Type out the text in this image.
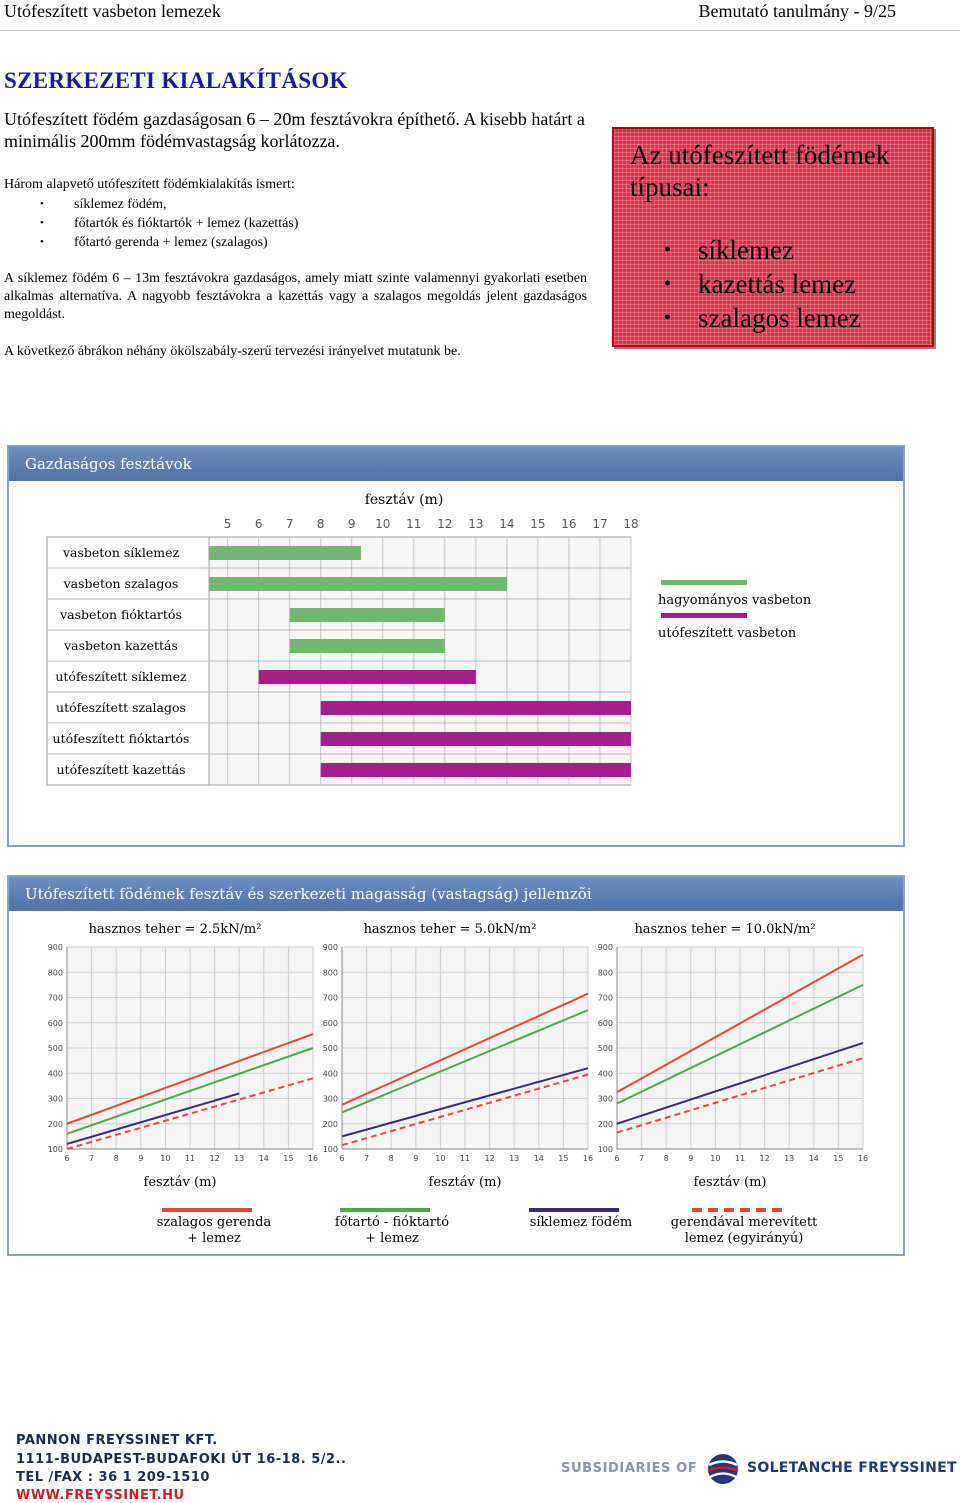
Utófeszített vasbeton lemezek	Bemutató tanulmány - 9/25
SZERKEZETI KIALAKÍTÁSOK
Utófeszített födém gazdaságosan 6 – 20m fesztávokra építhető. A kisebb határt a minimális 200mm födémvastagság korlátozza.
Három alapvető utófeszített födémkialakítás ismert:
• síklemez födém,
• főtartók és fióktartók + lemez (kazettás)
• főtartó gerenda + lemez (szalagos)
A síklemez födém 6 – 13m fesztávokra gazdaságos, amely miatt szinte valamennyi gyakorlati esetben alkalmas alternatíva. A nagyobb fesztávokra a kazettás vagy a szalagos megoldás jelent gazdaságos megoldást.
A következő ábrákon néhány ökölszabály-szerű tervezési irányelvet mutatunk be.
Az utófeszített födémek típusai:
• síklemez
• kazettás lemez
• szalagos lemez
Gazdaságos fesztávok
fesztáv (m)
5 6 7 8 9 10 11 12 13 14 15 16 17 18
vasbeton síklemez
vasbeton szalagos
vasbeton fióktartós
vasbeton kazettás
utófeszített síklemez
utófeszített szalagos
utófeszített fióktartós
utófeszített kazettás
hagyományos vasbeton
utófeszített vasbeton
Utófeszített födémek fesztáv és szerkezeti magasság (vastagság) jellemzõi
hasznos teher = 2.5kN/m²
100
200
300
400
500
600
700
800
900
6 7 8 9 10 11 12 13 14 15 16
fesztáv (m)
hasznos teher = 5.0kN/m²
100
200
300
400
500
600
700
800
900
6 7 8 9 10 11 12 13 14 15 16
fesztáv (m)
hasznos teher = 10.0kN/m²
100
200
300
400
500
600
700
800
900
6 7 8 9 10 11 12 13 14 15 16
fesztáv (m)
szalagos gerenda
+ lemez
főtartó - fióktartó
+ lemez
síklemez födém	gerendával merevített
lemez (egyirányú)
PANNON FREYSSINET KFT.
1111-BUDAPEST-BUDAFOKI ÚT 16-18. 5/2..
TEL /FAX : 36 1 209-1510
WWW.FREYSSINET.HU
SUBSIDIARIES OF	SOLETANCHE FREYSSINET
